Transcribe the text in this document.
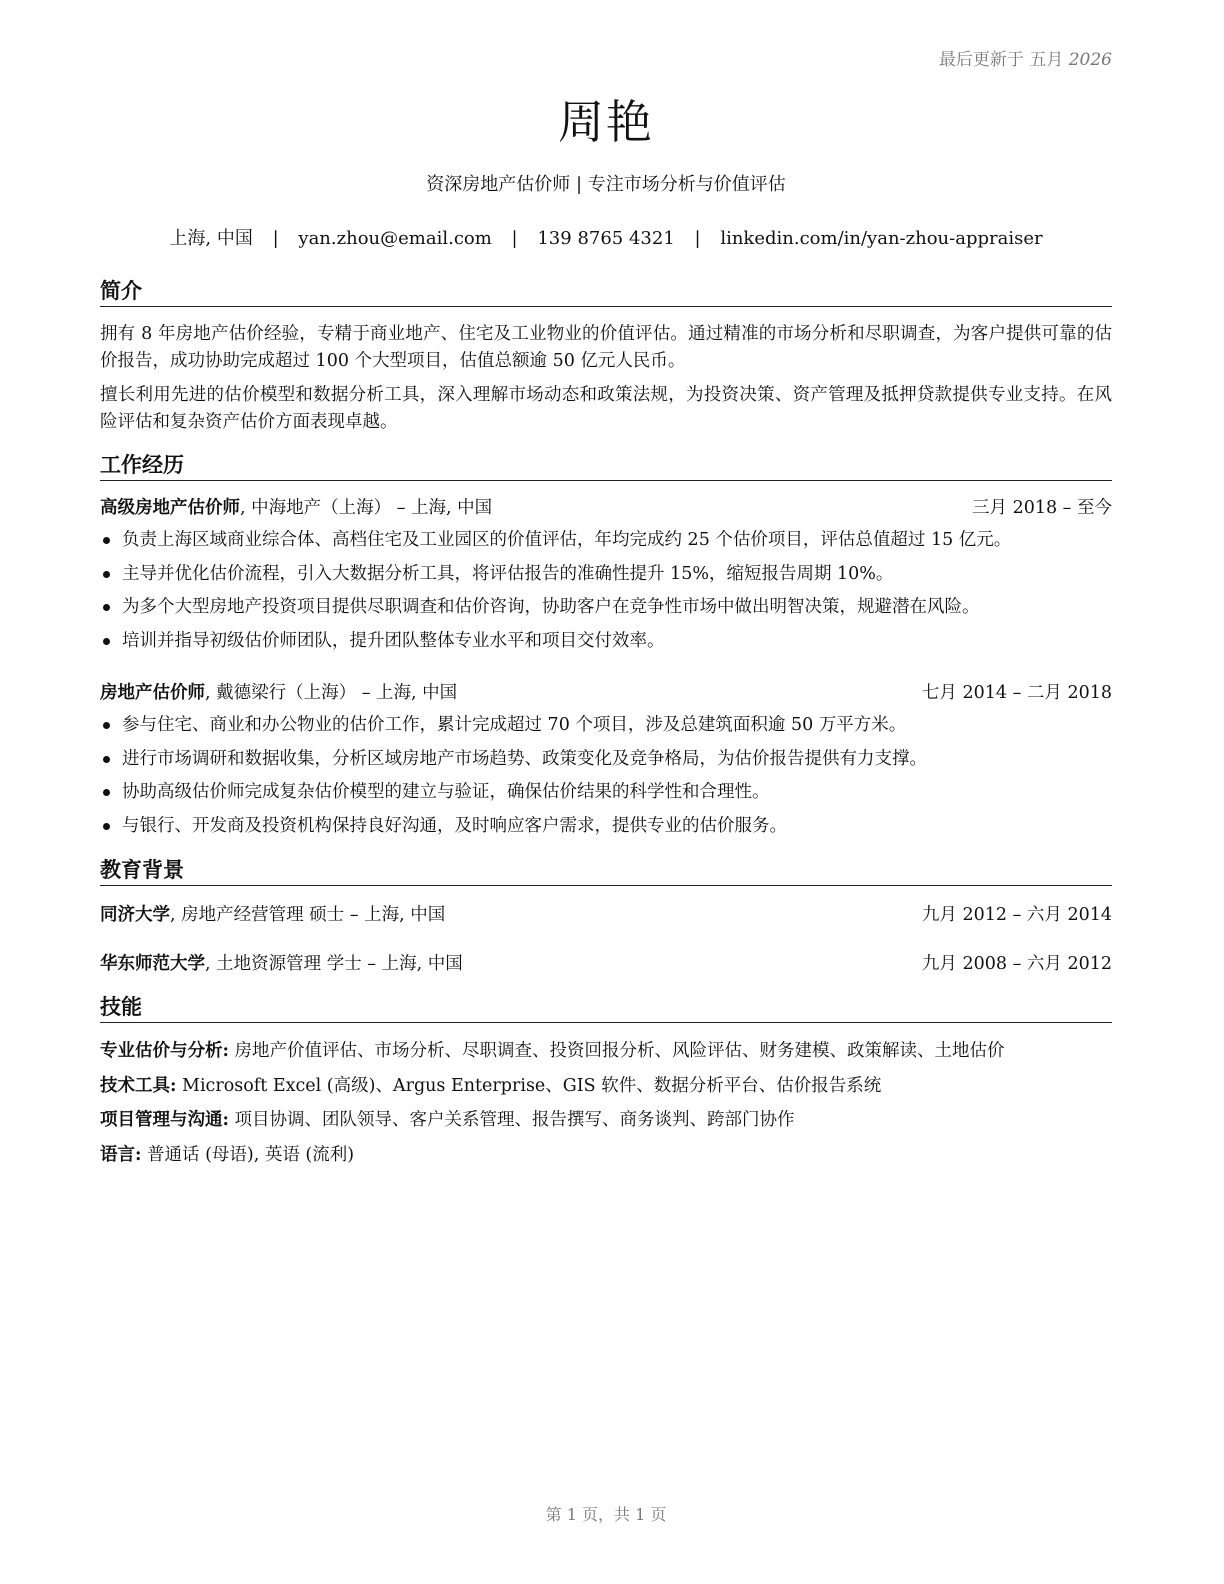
最后更新于 五月 2026
周艳
资深房地产估价师 | 专注市场分析与价值评估
上海, 中国 | yan.zhou@email.com | 139 8765 4321 | linkedin.com/in/yan-zhou-appraiser
简介
拥有 8 年房地产估价经验，专精于商业地产、住宅及工业物业的价值评估。通过精准的市场分析和尽职调查，为客户提供可靠的估价报告，成功协助完成超过 100 个大型项目，估值总额逾 50 亿元人民币。
擅长利用先进的估价模型和数据分析工具，深入理解市场动态和政策法规，为投资决策、资产管理及抵押贷款提供专业支持。在风险评估和复杂资产估价方面表现卓越。
工作经历
高级房地产估价师, 中海地产（上海） – 上海, 中国	三月 2018 – 至今
负责上海区域商业综合体、高档住宅及工业园区的价值评估，年均完成约 25 个估价项目，评估总值超过 15 亿元。
主导并优化估价流程，引入大数据分析工具，将评估报告的准确性提升 15%，缩短报告周期 10%。
为多个大型房地产投资项目提供尽职调查和估价咨询，协助客户在竞争性市场中做出明智决策，规避潜在风险。
培训并指导初级估价师团队，提升团队整体专业水平和项目交付效率。
房地产估价师, 戴德梁行（上海） – 上海, 中国	七月 2014 – 二月 2018
参与住宅、商业和办公物业的估价工作，累计完成超过 70 个项目，涉及总建筑面积逾 50 万平方米。
进行市场调研和数据收集，分析区域房地产市场趋势、政策变化及竞争格局，为估价报告提供有力支撑。
协助高级估价师完成复杂估价模型的建立与验证，确保估价结果的科学性和合理性。
与银行、开发商及投资机构保持良好沟通，及时响应客户需求，提供专业的估价服务。
教育背景
同济大学, 房地产经营管理 硕士 – 上海, 中国	九月 2012 – 六月 2014
华东师范大学, 土地资源管理 学士 – 上海, 中国	九月 2008 – 六月 2012
技能
专业估价与分析: 房地产价值评估、市场分析、尽职调查、投资回报分析、风险评估、财务建模、政策解读、土地估价
技术工具: Microsoft Excel (高级)、Argus Enterprise、GIS 软件、数据分析平台、估价报告系统
项目管理与沟通: 项目协调、团队领导、客户关系管理、报告撰写、商务谈判、跨部门协作
语言: 普通话 (母语), 英语 (流利)
第 1 页，共 1 页
